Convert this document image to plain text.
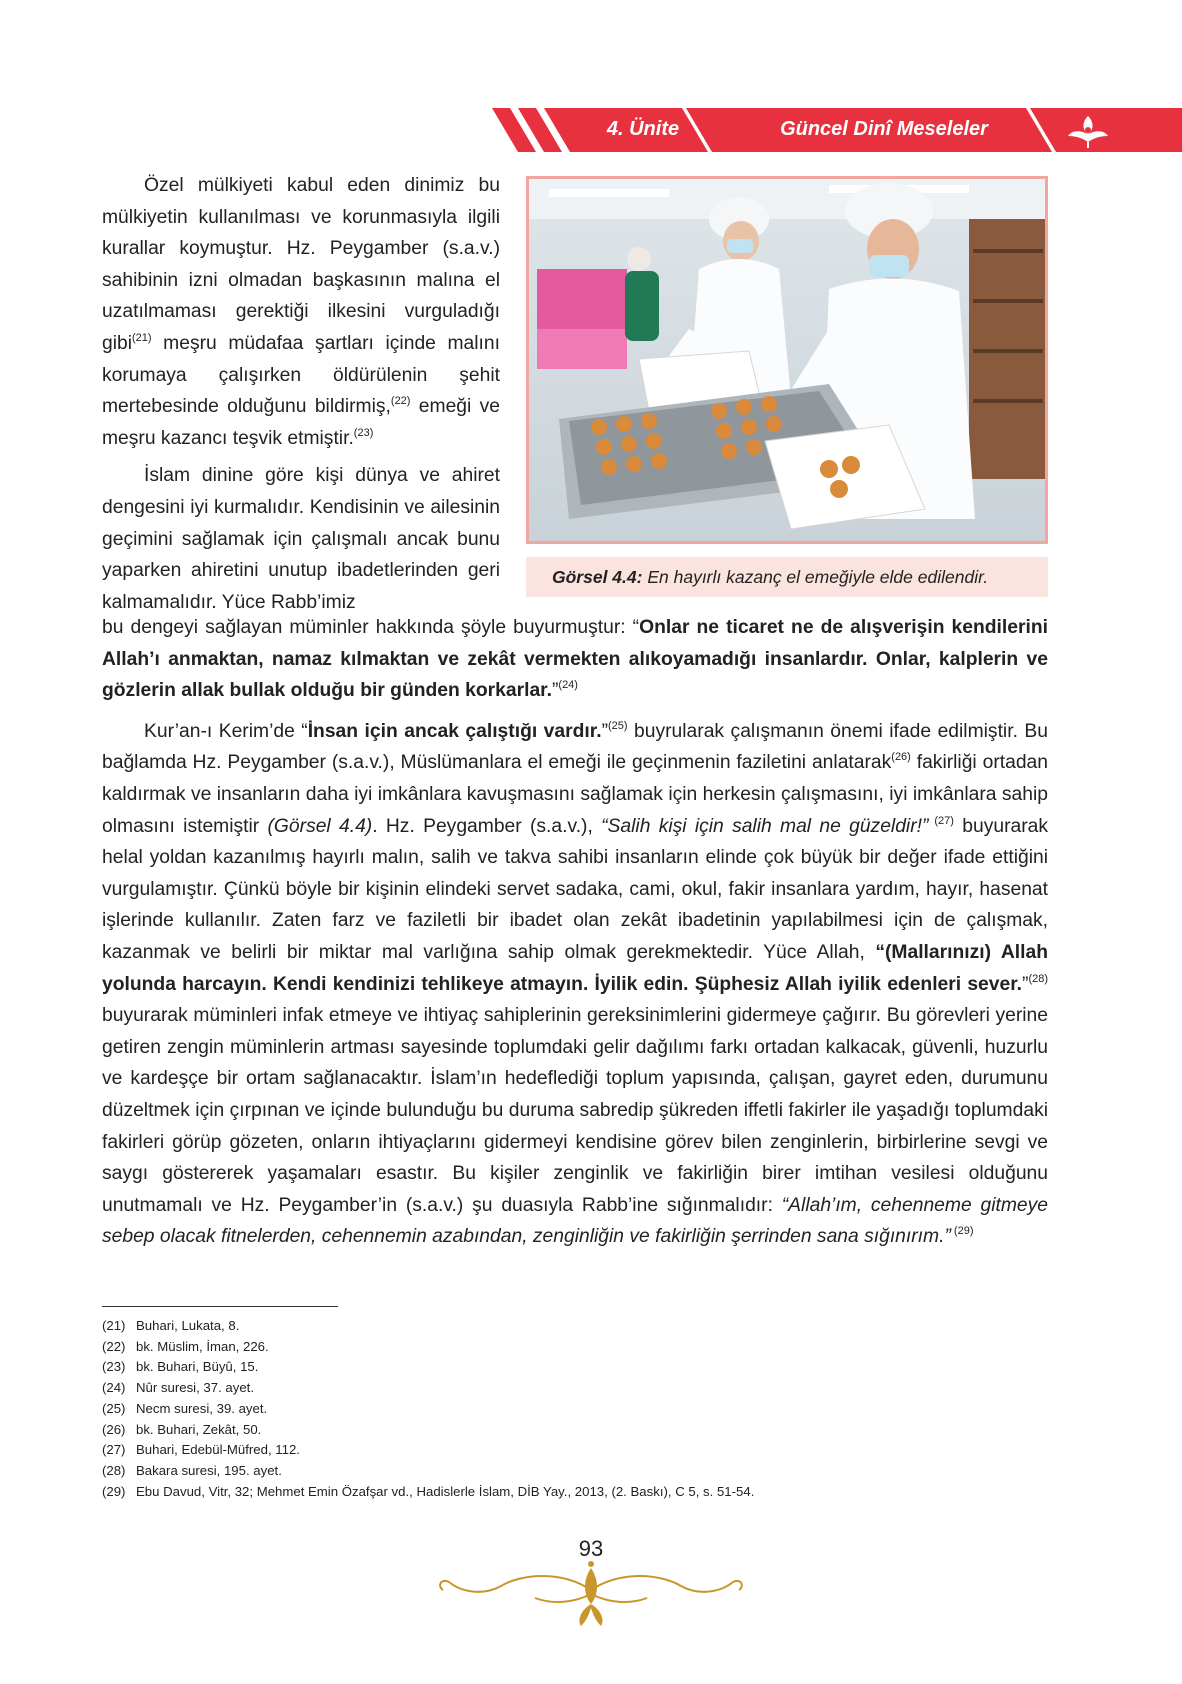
4. Ünite	Güncel Dinî Meseleler

Özel mülkiyeti kabul eden dinimiz bu mülkiyetin kullanılması ve korunmasıyla ilgili kurallar koymuştur. Hz. Peygamber (s.a.v.) sahibinin izni olmadan başkasının malına el uzatılmaması gerektiği ilkesini vurguladığı gibi$^{(21)}$ meşru müdafaa şartları içinde malını korumaya çalışırken öldürülenin şehit mertebesinde olduğunu bildirmiş,$^{(22)}$ emeği ve meşru kazancı teşvik etmiştir.$^{(23)}$

İslam dinine göre kişi dünya ve ahiret dengesini iyi kurmalıdır. Kendisinin ve ailesinin geçimini sağlamak için çalışmalı ancak bunu yaparken ahiretini unutup ibadetlerinden geri kalmamalıdır. Yüce Rabb’imiz

Görsel 4.4: En hayırlı kazanç el emeğiyle elde edilendir.

bu dengeyi sağlayan müminler hakkında şöyle buyurmuştur: “Onlar ne ticaret ne de alışverişin kendilerini Allah’ı anmaktan, namaz kılmaktan ve zekât vermekten alıkoyamadığı insanlardır. Onlar, kalplerin ve gözlerin allak bullak olduğu bir günden korkarlar.”$^{(24)}$

Kur’an-ı Kerim’de “İnsan için ancak çalıştığı vardır.”$^{(25)}$ buyrularak çalışmanın önemi ifade edilmiştir. Bu bağlamda Hz. Peygamber (s.a.v.), Müslümanlara el emeği ile geçinmenin faziletini anlatarak$^{(26)}$ fakirliği ortadan kaldırmak ve insanların daha iyi imkânlara kavuşmasını sağlamak için herkesin çalışmasını, iyi imkânlara sahip olmasını istemiştir (Görsel 4.4). Hz. Peygamber (s.a.v.), “Salih kişi için salih mal ne güzeldir!” $^{(27)}$ buyurarak helal yoldan kazanılmış hayırlı malın, salih ve takva sahibi insanların elinde çok büyük bir değer ifade ettiğini vurgulamıştır. Çünkü böyle bir kişinin elindeki servet sadaka, cami, okul, fakir insanlara yardım, hayır, hasenat işlerinde kullanılır. Zaten farz ve faziletli bir ibadet olan zekât ibadetinin yapılabilmesi için de çalışmak, kazanmak ve belirli bir miktar mal varlığına sahip olmak gerekmektedir. Yüce Allah, “(Mallarınızı) Allah yolunda harcayın. Kendi kendinizi tehlikeye atmayın. İyilik edin. Şüphesiz Allah iyilik edenleri sever.”$^{(28)}$ buyurarak müminleri infak etmeye ve ihtiyaç sahiplerinin gereksinimlerini gidermeye çağırır. Bu görevleri yerine getiren zengin müminlerin artması sayesinde toplumdaki gelir dağılımı farkı ortadan kalkacak, güvenli, huzurlu ve kardeşçe bir ortam sağlanacaktır. İslam’ın hedeflediği toplum yapısında, çalışan, gayret eden, durumunu düzeltmek için çırpınan ve içinde bulunduğu bu duruma sabredip şükreden iffetli fakirler ile yaşadığı toplumdaki fakirleri görüp gözeten, onların ihtiyaçlarını gidermeyi kendisine görev bilen zenginlerin, birbirlerine sevgi ve saygı göstererek yaşamaları esastır. Bu kişiler zenginlik ve fakirliğin birer imtihan vesilesi olduğunu unutmamalı ve Hz. Peygamber’in (s.a.v.) şu duasıyla Rabb’ine sığınmalıdır: “Allah’ım, cehenneme gitmeye sebep olacak fitnelerden, cehennemin azabından, zenginliğin ve fakirliğin şerrinden sana sığınırım.” $^{(29)}$

(21) Buhari, Lukata, 8.
(22) bk. Müslim, İman, 226.
(23) bk. Buhari, Büyû, 15.
(24) Nûr suresi, 37. ayet.
(25) Necm suresi, 39. ayet.
(26) bk. Buhari, Zekât, 50.
(27) Buhari, Edebül-Müfred, 112.
(28) Bakara suresi, 195. ayet.
(29) Ebu Davud, Vitr, 32; Mehmet Emin Özafşar vd., Hadislerle İslam, DİB Yay., 2013, (2. Baskı), C 5, s. 51-54.
93
